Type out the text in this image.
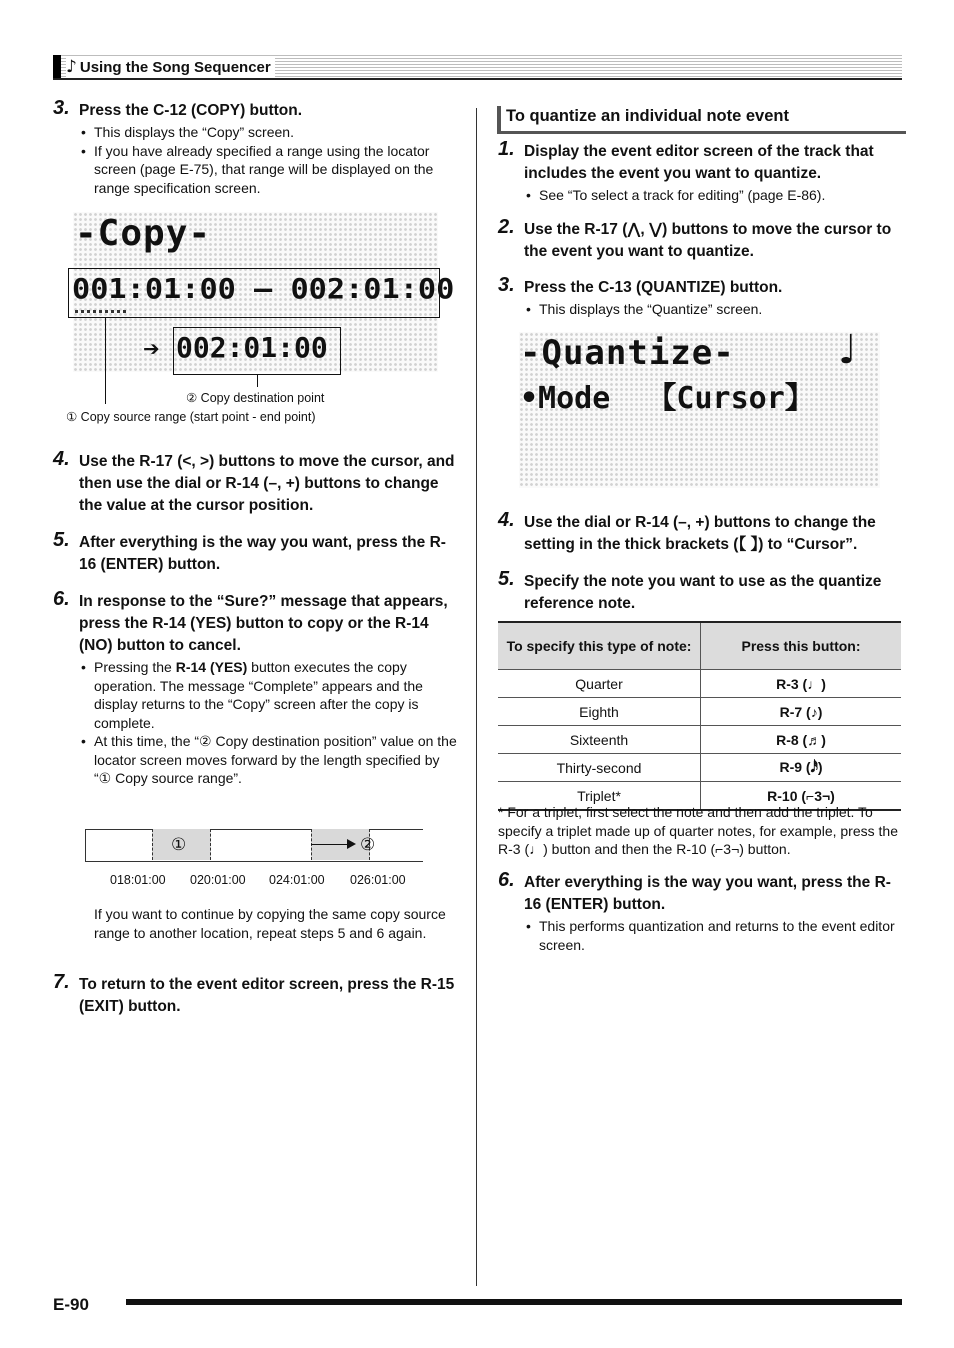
♪ Using the Song Sequencer
3. Press the C-12 (COPY) button.
• This displays the “Copy” screen.
• If you have already specified a range using the locator screen (page E-75), that range will be displayed on the range specification screen.
-Copy-
001:01:00 — 002:01:00
➔ 002:01:00
② Copy destination point
① Copy source range (start point - end point)
4. Use the R-17 (<, >) buttons to move the cursor, and then use the dial or R-14 (–, +) buttons to change the value at the cursor position.
5. After everything is the way you want, press the R-16 (ENTER) button.
6. In response to the “Sure?” message that appears, press the R-14 (YES) button to copy or the R-14 (NO) button to cancel.
• Pressing the R-14 (YES) button executes the copy operation. The message “Complete” appears and the display returns to the “Copy” screen after the copy is complete.
• At this time, the “② Copy destination position” value on the locator screen moves forward by the length specified by “① Copy source range”.
①	②
018:01:00 020:01:00 024:01:00 026:01:00
If you want to continue by copying the same copy source range to another location, repeat steps 5 and 6 again.
7. To return to the event editor screen, press the R-15 (EXIT) button.
To quantize an individual note event
1. Display the event editor screen of the track that includes the event you want to quantize.
• See “To select a track for editing” (page E-86).
2. Use the R-17 (⋀, ⋁) buttons to move the cursor to the event you want to quantize.
3. Press the C-13 (QUANTIZE) button.
• This displays the “Quantize” screen.
-Quantize-	♩
•Mode  【Cursor】
4. Use the dial or R-14 (–, +) buttons to change the setting in the thick brackets (【 】) to “Cursor”.
5. Specify the note you want to use as the quantize reference note.
To specify this type of note:	Press this button:
Quarter	R-3 (♩)
Eighth	R-7 (♪)
Sixteenth	R-8 (♬)
Thirty-second	R-9 (𝅘𝅥𝅰)
Triplet*	R-10 (⌐3¬)
* For a triplet, first select the note and then add the triplet. To specify a triplet made up of quarter notes, for example, press the R-3 (♩) button and then the R-10 (⌐3¬) button.
6. After everything is the way you want, press the R-16 (ENTER) button.
• This performs quantization and returns to the event editor screen.
E-90
